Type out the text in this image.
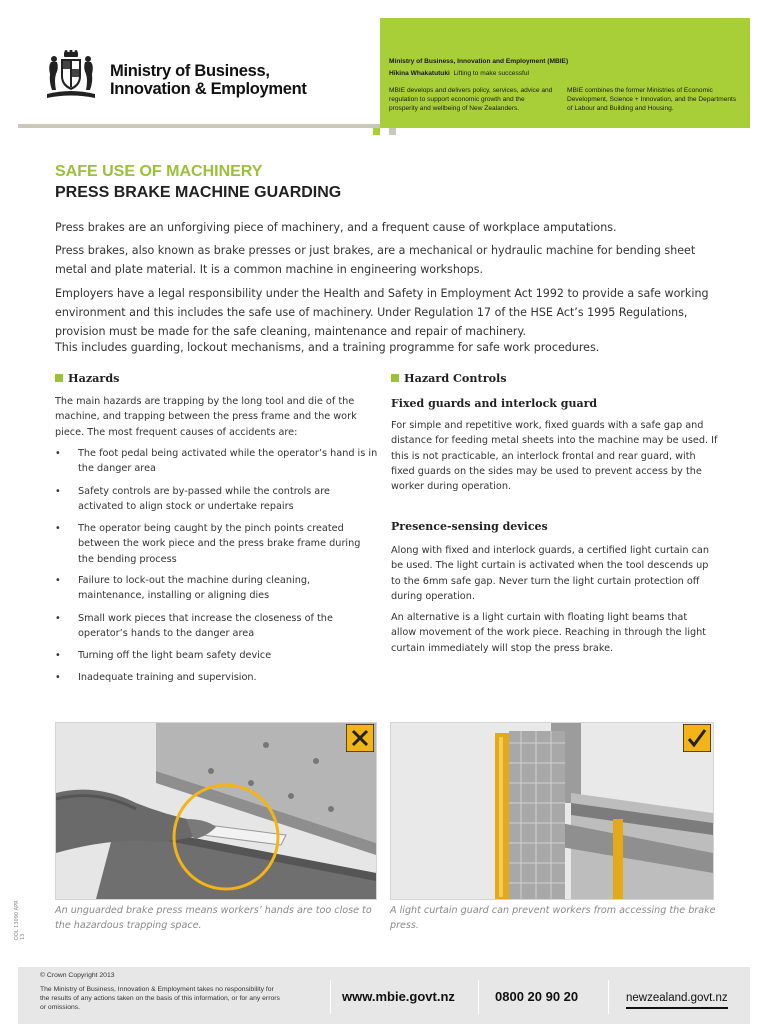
Ministry of Business,
Innovation & Employment
Ministry of Business, Innovation and Employment (MBIE)
Hīkina Whakatutuki Lifting to make successful
MBIE develops and delivers policy, services, advice and regulation to support economic growth and the prosperity and wellbeing of New Zealanders.
MBIE combines the former Ministries of Economic Development, Science + Innovation, and the Departments of Labour and Building and Housing.
SAFE USE OF MACHINERY
PRESS BRAKE MACHINE GUARDING

Press brakes are an unforgiving piece of machinery, and a frequent cause of workplace amputations.

Press brakes, also known as brake presses or just brakes, are a mechanical or hydraulic machine for bending sheet metal and plate material. It is a common machine in engineering workshops.

Employers have a legal responsibility under the Health and Safety in Employment Act 1992 to provide a safe working environment and this includes the safe use of machinery. Under Regulation 17 of the HSE Act’s 1995 Regulations, provision must be made for the safe cleaning, maintenance and repair of machinery.

This includes guarding, lockout mechanisms, and a training programme for safe work procedures.

Hazards

The main hazards are trapping by the long tool and die of the machine, and trapping between the press frame and the work piece. The most frequent causes of accidents are:

• The foot pedal being activated while the operator’s hand is in the danger area
• Safety controls are by-passed while the controls are activated to align stock or undertake repairs
• The operator being caught by the pinch points created between the work piece and the press brake frame during the bending process
• Failure to lock-out the machine during cleaning, maintenance, installing or aligning dies
• Small work pieces that increase the closeness of the operator’s hands to the danger area
• Turning off the light beam safety device
• Inadequate training and supervision.
Hazard Controls
Fixed guards and interlock guard

For simple and repetitive work, fixed guards with a safe gap and distance for feeding metal sheets into the machine may be used. If this is not practicable, an interlock frontal and rear guard, with fixed guards on the sides may be used to prevent access by the worker during operation.

Presence-sensing devices

Along with fixed and interlock guards, a certified light curtain can be used. The light curtain is activated when the tool descends up to the 6mm safe gap. Never turn the light curtain protection off during operation.

An alternative is a light curtain with floating light beams that allow movement of the work piece. Reaching in through the light curtain immediately will stop the press brake.

An unguarded brake press means workers’ hands are too close to the hazardous trapping space.
A light curtain guard can prevent workers from accessing the brake press.
DOL 13090 APR 13
© Crown Copyright 2013
The Ministry of Business, Innovation & Employment takes no responsibility for the results of any actions taken on the basis of this information, or for any errors or omissions.
www.mbie.govt.nz	0800 20 90 20	newzealand.govt.nz
